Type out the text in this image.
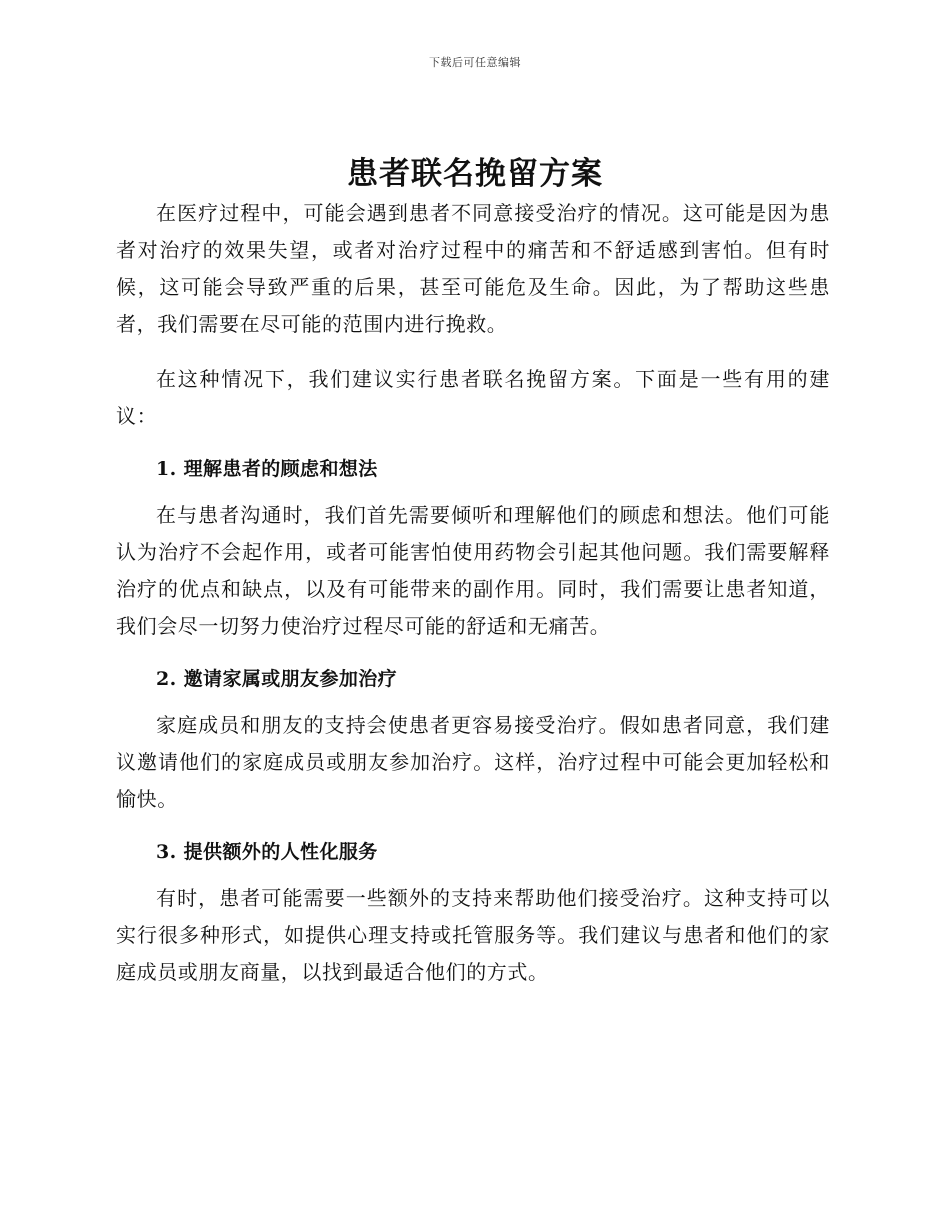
下载后可任意编辑
患者联名挽留方案

在医疗过程中，可能会遇到患者不同意接受治疗的情况。这可能是因为患者对治疗的效果失望，或者对治疗过程中的痛苦和不舒适感到害怕。但有时候，这可能会导致严重的后果，甚至可能危及生命。因此，为了帮助这些患者，我们需要在尽可能的范围内进行挽救。

在这种情况下，我们建议实行患者联名挽留方案。下面是一些有用的建议：

1. 理解患者的顾虑和想法

在与患者沟通时，我们首先需要倾听和理解他们的顾虑和想法。他们可能认为治疗不会起作用，或者可能害怕使用药物会引起其他问题。我们需要解释治疗的优点和缺点，以及有可能带来的副作用。同时，我们需要让患者知道，我们会尽一切努力使治疗过程尽可能的舒适和无痛苦。

2. 邀请家属或朋友参加治疗

家庭成员和朋友的支持会使患者更容易接受治疗。假如患者同意，我们建议邀请他们的家庭成员或朋友参加治疗。这样，治疗过程中可能会更加轻松和愉快。

3. 提供额外的人性化服务

有时，患者可能需要一些额外的支持来帮助他们接受治疗。这种支持可以实行很多种形式，如提供心理支持或托管服务等。我们建议与患者和他们的家庭成员或朋友商量，以找到最适合他们的方式。
